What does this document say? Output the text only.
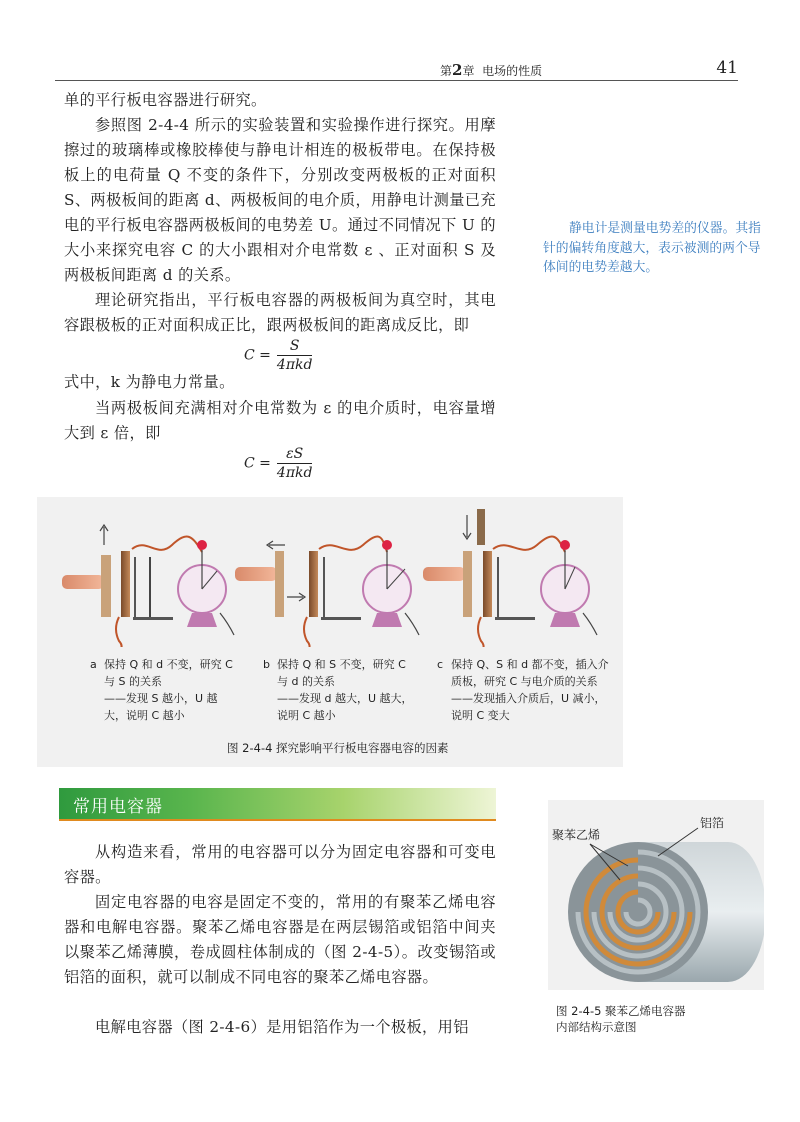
第2章 电场的性质	41

单的平行板电容器进行研究。

参照图 2-4-4 所示的实验装置和实验操作进行探究。用摩擦过的玻璃棒或橡胶棒使与静电计相连的极板带电。在保持极板上的电荷量 Q 不变的条件下，分别改变两极板的正对面积 S、两极板间的距离 d、两极板间的电介质，用静电计测量已充电的平行板电容器两极板间的电势差 U。通过不同情况下 U 的大小来探究电容 C 的大小跟相对介电常数 ε 、正对面积 S 及两极板间距离 d 的关系。

理论研究指出，平行板电容器的两极板间为真空时，其电容跟极板的正对面积成正比，跟两极板间的距离成反比，即

$C = \frac{S}{\text{4πkd}}$

式中，k 为静电力常量。

当两极板间充满相对介电常数为 ε 的电介质时，电容量增大到 ε 倍，即

$C = \frac{\varepsilon S}{\text{4πkd}}$
静电计是测量电势差的仪器。其指针的偏转角度越大，表示被测的两个导体间的电势差越大。
a 保持 Q 和 d 不变，研究 C
与 S 的关系
——发现 S 越小，U 越
大，说明 C 越小
b 保持 Q 和 S 不变，研究 C
与 d 的关系
——发现 d 越大，U 越大，
说明 C 越小
c 保持 Q、S 和 d 都不变，插入介
质板，研究 C 与电介质的关系
——发现插入介质后，U 减小，
说明 C 变大
图 2-4-4 探究影响平行板电容器电容的因素
常用电容器

从构造来看，常用的电容器可以分为固定电容器和可变电容器。

固定电容器的电容是固定不变的，常用的有聚苯乙烯电容器和电解电容器。聚苯乙烯电容器是在两层锡箔或铝箔中间夹以聚苯乙烯薄膜，卷成圆柱体制成的（图 2-4-5）。改变锡箔或铝箔的面积，就可以制成不同电容的聚苯乙烯电容器。

电解电容器（图 2-4-6）是用铝箔作为一个极板，用铝

聚苯乙烯
铝箔
图 2-4-5 聚苯乙烯电容器
内部结构示意图
